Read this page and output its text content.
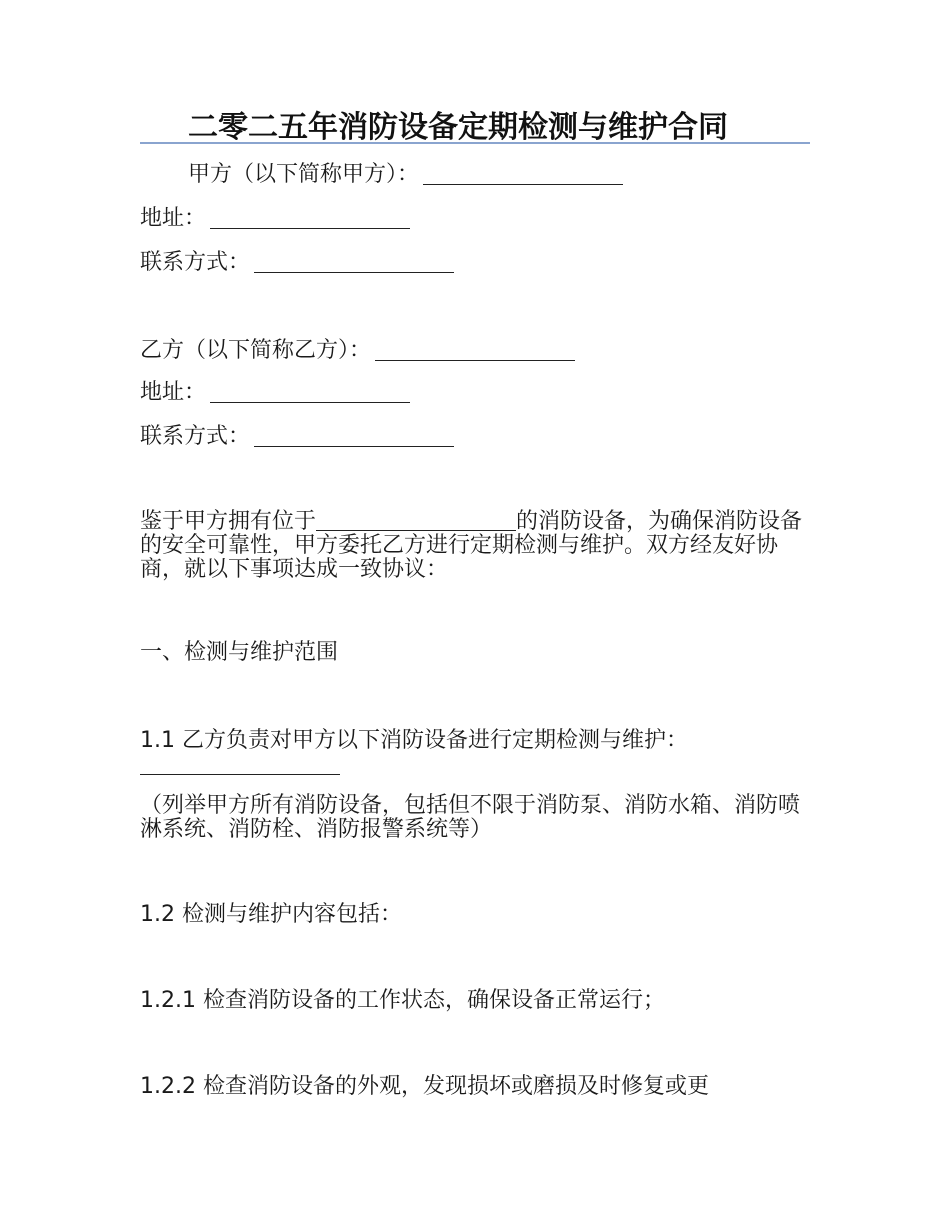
二零二五年消防设备定期检测与维护合同

甲方（以下简称甲方）：

地址：

联系方式：

乙方（以下简称乙方）：

地址：

联系方式：

鉴于甲方拥有位于	的消防设备，为确保消防设备的安全可靠性，甲方委托乙方进行定期检测与维护。双方经友好协商，就以下事项达成一致协议：

一、检测与维护范围

1.1 乙方负责对甲方以下消防设备进行定期检测与维护：

（列举甲方所有消防设备，包括但不限于消防泵、消防水箱、消防喷淋系统、消防栓、消防报警系统等）

1.2 检测与维护内容包括：

1.2.1 检查消防设备的工作状态，确保设备正常运行；

1.2.2 检查消防设备的外观，发现损坏或磨损及时修复或更
